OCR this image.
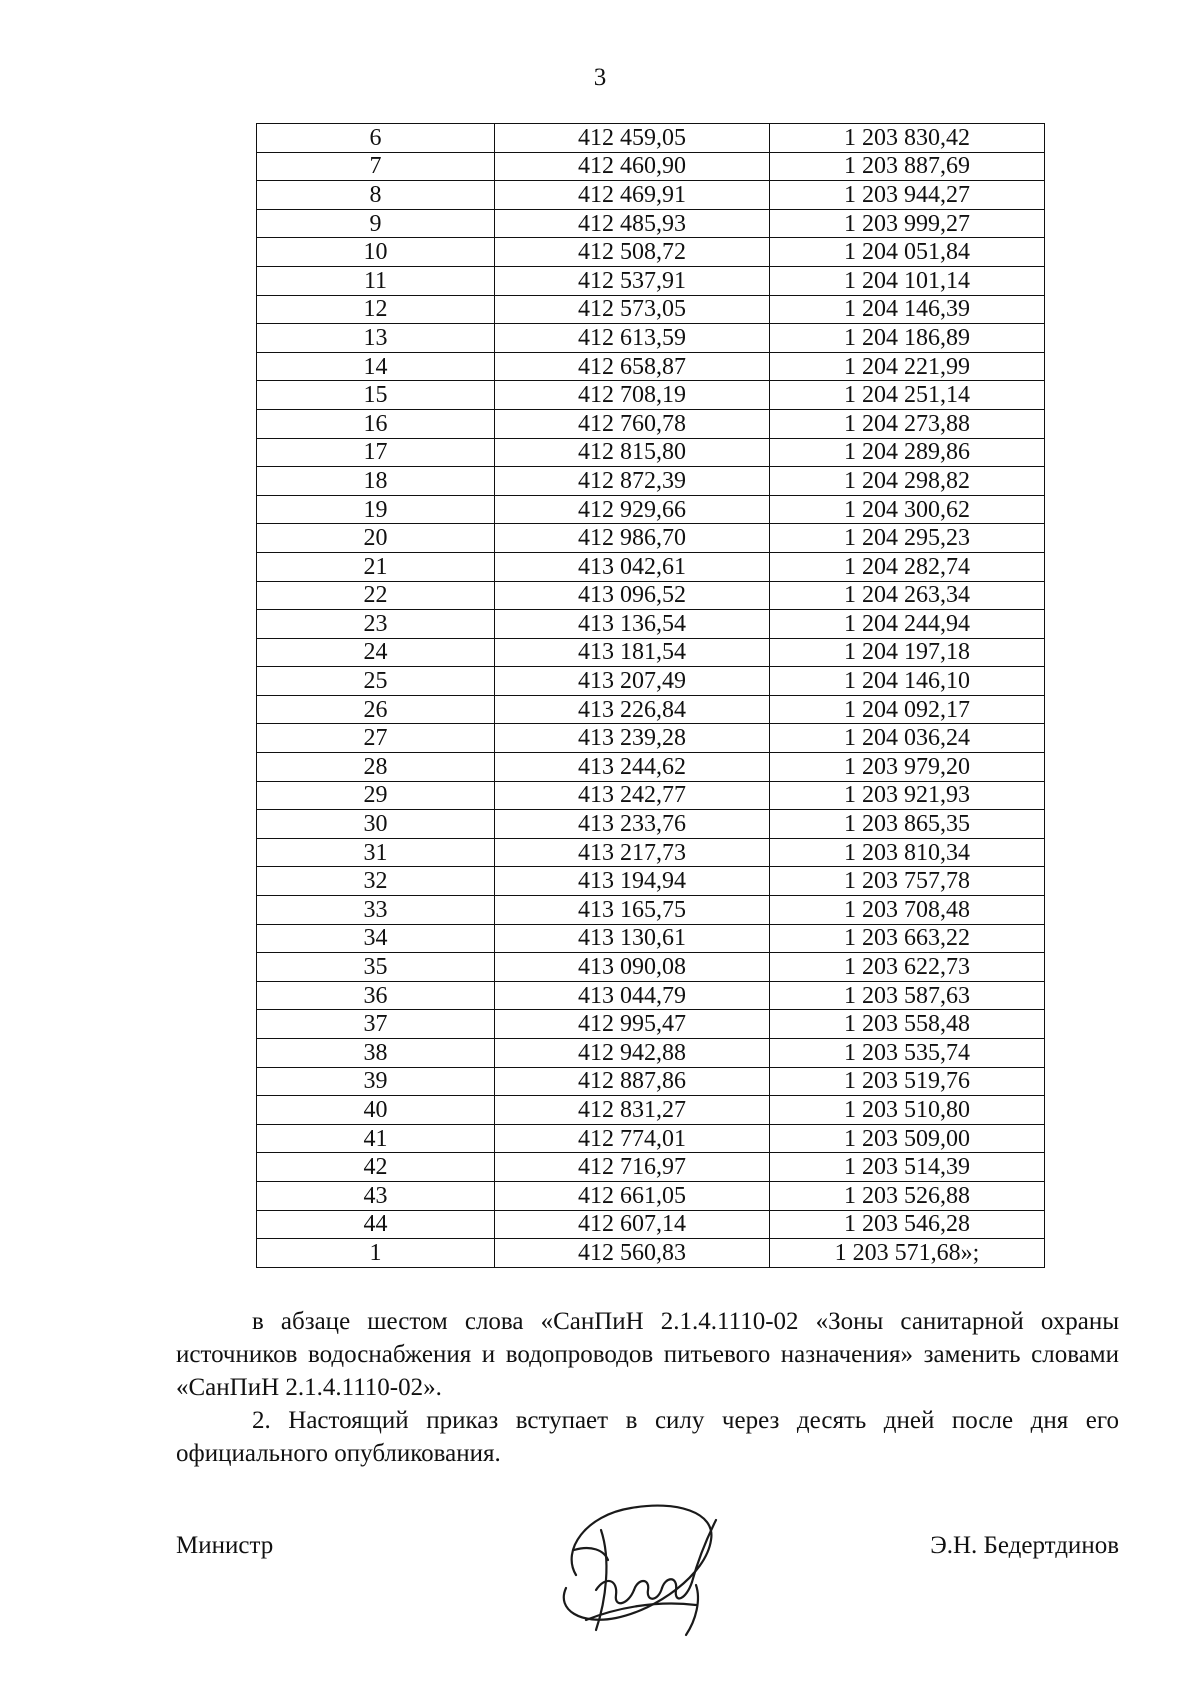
3
6	412 459,05	1 203 830,42
7	412 460,90	1 203 887,69
8	412 469,91	1 203 944,27
9	412 485,93	1 203 999,27
10	412 508,72	1 204 051,84
11	412 537,91	1 204 101,14
12	412 573,05	1 204 146,39
13	412 613,59	1 204 186,89
14	412 658,87	1 204 221,99
15	412 708,19	1 204 251,14
16	412 760,78	1 204 273,88
17	412 815,80	1 204 289,86
18	412 872,39	1 204 298,82
19	412 929,66	1 204 300,62
20	412 986,70	1 204 295,23
21	413 042,61	1 204 282,74
22	413 096,52	1 204 263,34
23	413 136,54	1 204 244,94
24	413 181,54	1 204 197,18
25	413 207,49	1 204 146,10
26	413 226,84	1 204 092,17
27	413 239,28	1 204 036,24
28	413 244,62	1 203 979,20
29	413 242,77	1 203 921,93
30	413 233,76	1 203 865,35
31	413 217,73	1 203 810,34
32	413 194,94	1 203 757,78
33	413 165,75	1 203 708,48
34	413 130,61	1 203 663,22
35	413 090,08	1 203 622,73
36	413 044,79	1 203 587,63
37	412 995,47	1 203 558,48
38	412 942,88	1 203 535,74
39	412 887,86	1 203 519,76
40	412 831,27	1 203 510,80
41	412 774,01	1 203 509,00
42	412 716,97	1 203 514,39
43	412 661,05	1 203 526,88
44	412 607,14	1 203 546,28
1	412 560,83	1 203 571,68»;

в абзаце шестом слова «СанПиН 2.1.4.1110-02 «Зоны санитарной охраны источников водоснабжения и водопроводов питьевого назначения» заменить словами «СанПиН 2.1.4.1110-02».

2. Настоящий приказ вступает в силу через десять дней после дня его официального опубликования.

Министр	Э.Н. Бедертдинов
